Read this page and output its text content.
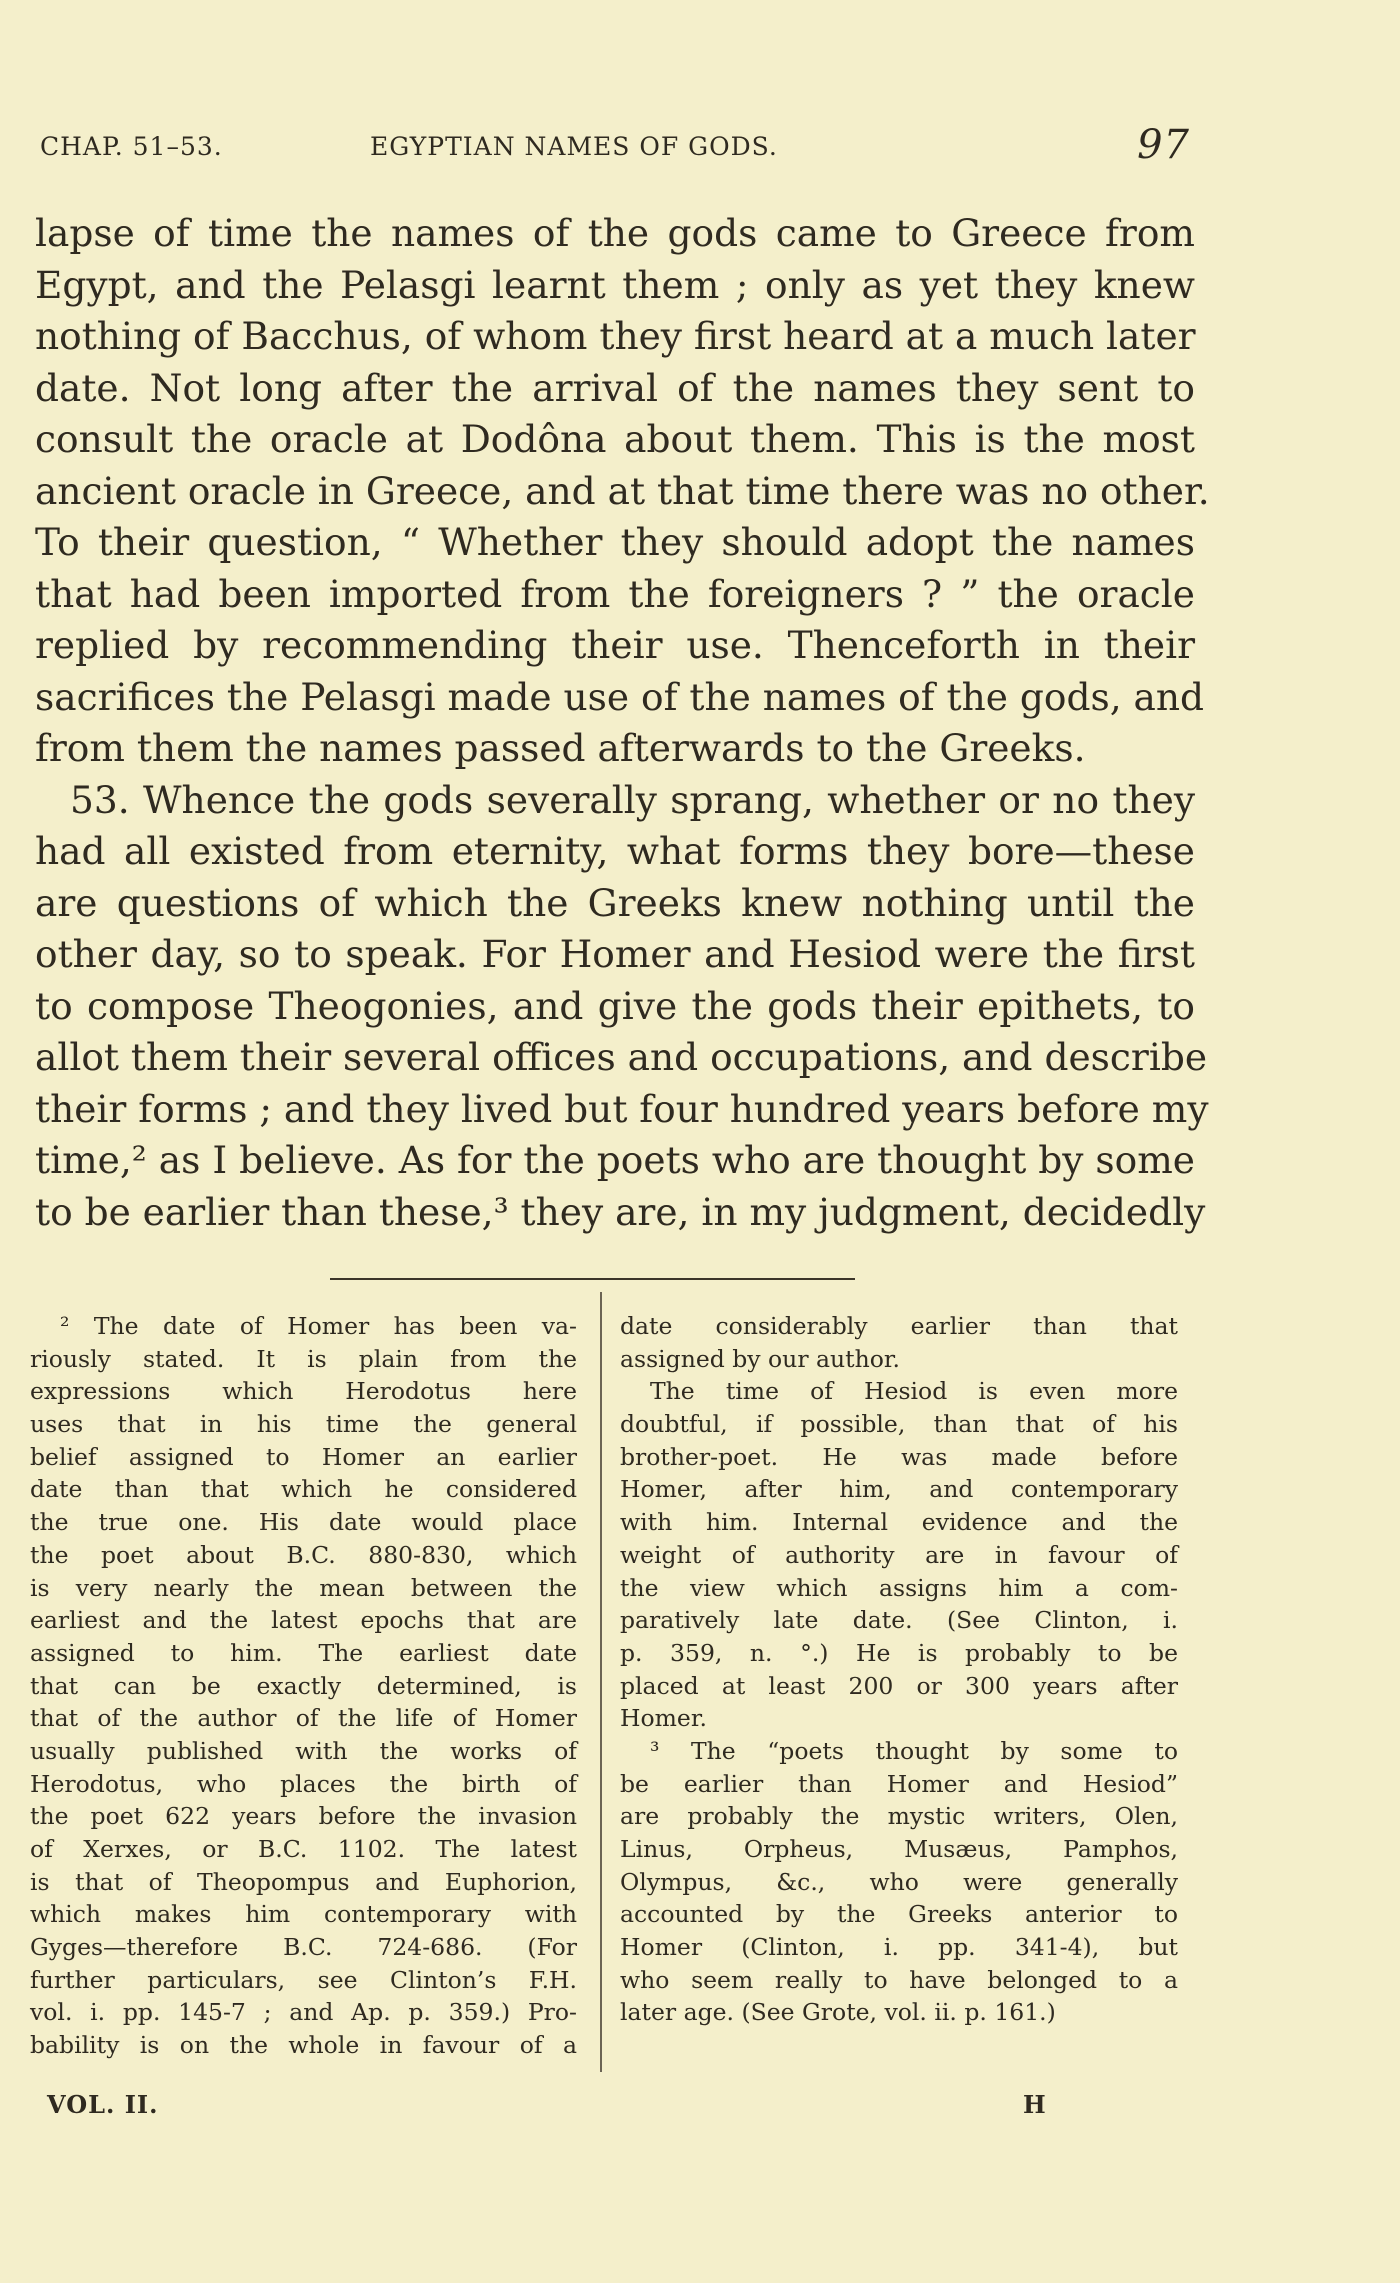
CHAP. 51–53.	EGYPTIAN NAMES OF GODS.	97
lapse of time the names of the gods came to Greece from
Egypt, and the Pelasgi learnt them ; only as yet they knew
nothing of Bacchus, of whom they first heard at a much later
date. Not long after the arrival of the names they sent to
consult the oracle at Dodôna about them. This is the most
ancient oracle in Greece, and at that time there was no other.
To their question, “ Whether they should adopt the names
that had been imported from the foreigners ? ” the oracle
replied by recommending their use. Thenceforth in their
sacrifices the Pelasgi made use of the names of the gods, and
from them the names passed afterwards to the Greeks.
53. Whence the gods severally sprang, whether or no they
had all existed from eternity, what forms they bore—these
are questions of which the Greeks knew nothing until the
other day, so to speak. For Homer and Hesiod were the first
to compose Theogonies, and give the gods their epithets, to
allot them their several offices and occupations, and describe
their forms ; and they lived but four hundred years before my
time,² as I believe. As for the poets who are thought by some
to be earlier than these,³ they are, in my judgment, decidedly
² The date of Homer has been va-
riously stated. It is plain from the
expressions which Herodotus here
uses that in his time the general
belief assigned to Homer an earlier
date than that which he considered
the true one. His date would place
the poet about B.C. 880-830, which
is very nearly the mean between the
earliest and the latest epochs that are
assigned to him. The earliest date
that can be exactly determined, is
that of the author of the life of Homer
usually published with the works of
Herodotus, who places the birth of
the poet 622 years before the invasion
of Xerxes, or B.C. 1102. The latest
is that of Theopompus and Euphorion,
which makes him contemporary with
Gyges—therefore B.C. 724-686. (For
further particulars, see Clinton’s F.H.
vol. i. pp. 145-7 ; and Ap. p. 359.) Pro-
bability is on the whole in favour of a
date considerably earlier than that
assigned by our author.
The time of Hesiod is even more
doubtful, if possible, than that of his
brother-poet. He was made before
Homer, after him, and contemporary
with him. Internal evidence and the
weight of authority are in favour of
the view which assigns him a com-
paratively late date. (See Clinton, i.
p. 359, n. °.) He is probably to be
placed at least 200 or 300 years after
Homer.
³ The “poets thought by some to
be earlier than Homer and Hesiod”
are probably the mystic writers, Olen,
Linus, Orpheus, Musæus, Pamphos,
Olympus, &c., who were generally
accounted by the Greeks anterior to
Homer (Clinton, i. pp. 341-4), but
who seem really to have belonged to a
later age. (See Grote, vol. ii. p. 161.)
VOL. II.	H
